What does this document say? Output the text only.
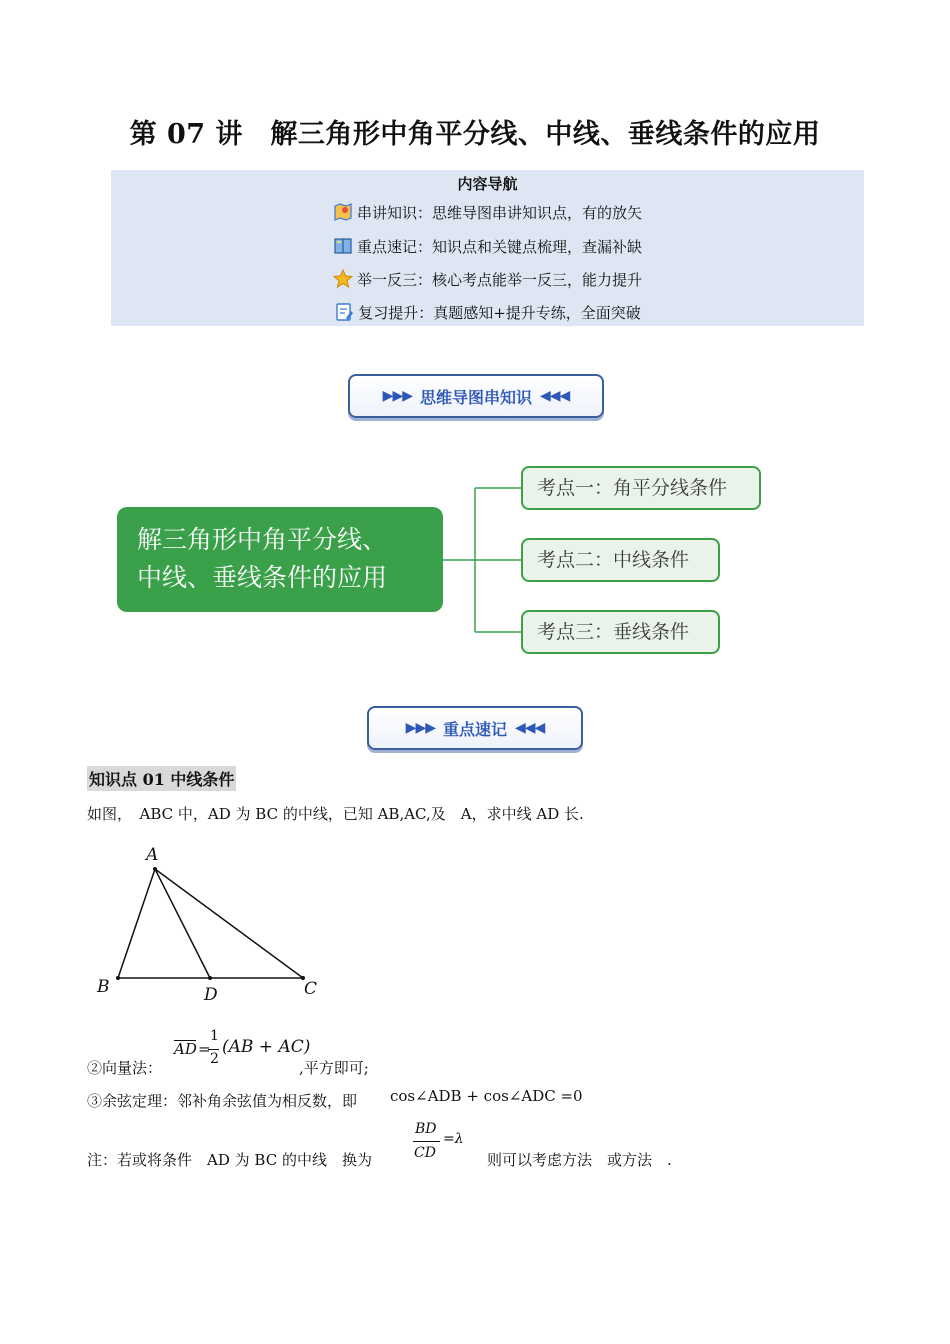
第 07 讲　解三角形中角平分线、中线、垂线条件的应用
内容导航
串讲知识：思维导图串讲知识点，有的放矢
重点速记：知识点和关键点梳理，查漏补缺
举一反三：核心考点能举一反三，能力提升
复习提升：真题感知+提升专练，全面突破
▶▶▶ 思维导图串知识 ◀◀◀
解三角形中角平分线、
中线、垂线条件的应用
考点一：角平分线条件
考点二：中线条件
考点三：垂线条件
▶▶▶ 重点速记 ◀◀◀
知识点 01 中线条件
如图，　ABC 中，AD 为 BC 的中线，已知 AB,AC,及　A，求中线 AD 长.
A
B	D	C
②向量法：
AD =
1
2
(AB + AC)
,平方即可;
③余弦定理：邻补角余弦值为相反数，即 cos∠ADB + cos∠ADC =0
注：若或将条件　AD 为 BC 的中线　换为
BD
CD
=λ
则可以考虑方法　或方法　.
